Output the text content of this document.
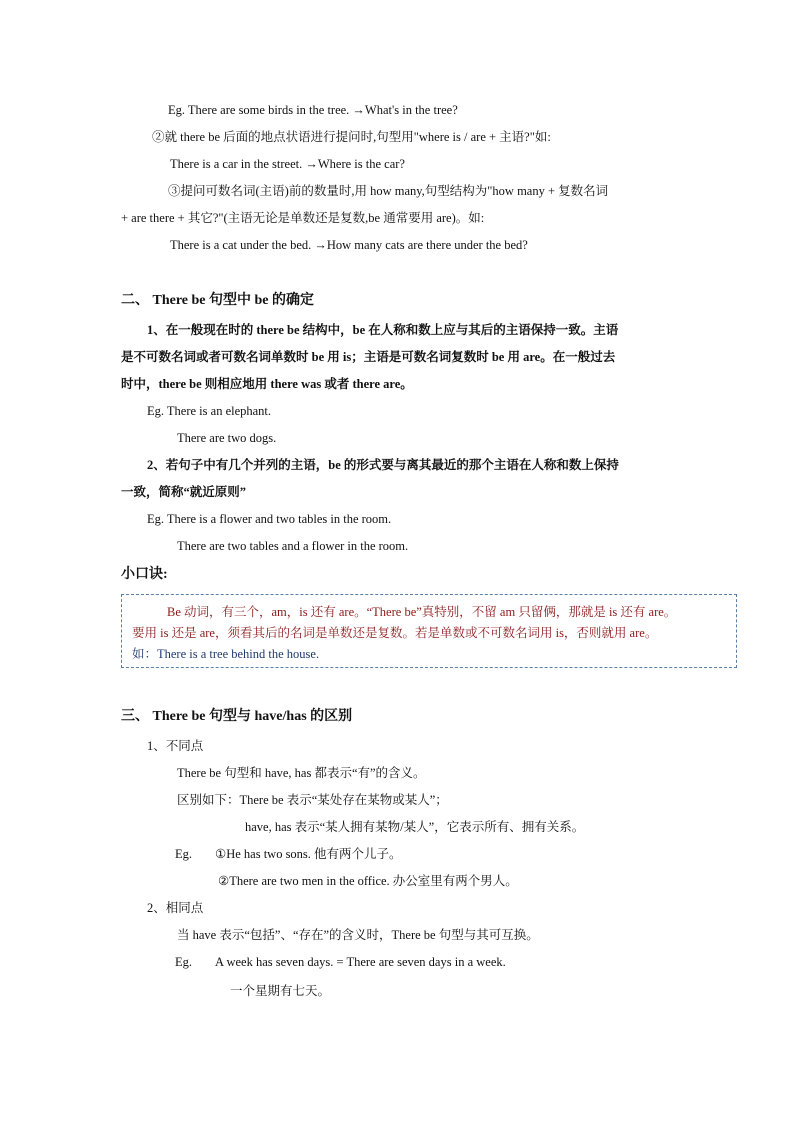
Eg. There are some birds in the tree. →What's in the tree?
②就 there be 后面的地点状语进行提问时,句型用"where is / are + 主语?"如:
There is a car in the street. →Where is the car?
③提问可数名词(主语)前的数量时,用 how many,句型结构为"how many + 复数名词
+ are there + 其它?"(主语无论是单数还是复数,be 通常要用 are)。如:
There is a cat under the bed. →How many cats are there under the bed?
二、 There be 句型中 be 的确定
1、在一般现在时的 there be 结构中，be 在人称和数上应与其后的主语保持一致。主语
是不可数名词或者可数名词单数时 be 用 is；主语是可数名词复数时 be 用 are。在一般过去
时中，there be 则相应地用 there was 或者 there are。
Eg. There is an elephant.
There are two dogs.
2、若句子中有几个并列的主语，be 的形式要与离其最近的那个主语在人称和数上保持
一致，简称“就近原则”
Eg. There is a flower and two tables in the room.
There are two tables and a flower in the room.
小口诀:
Be 动词，有三个，am，is 还有 are。“There be”真特别，不留 am 只留俩，那就是 is 还有 are。
要用 is 还是 are，须看其后的名词是单数还是复数。若是单数或不可数名词用 is，否则就用 are。
如：There is a tree behind the house.
三、 There be 句型与 have/has 的区别
1、不同点
There be 句型和 have, has 都表示“有”的含义。
区别如下：There be 表示“某处存在某物或某人”；
have, has 表示“某人拥有某物/某人”，它表示所有、拥有关系。
Eg. ①He has two sons. 他有两个儿子。
②There are two men in the office. 办公室里有两个男人。
2、相同点
当 have 表示“包括”、“存在”的含义时，There be 句型与其可互换。
Eg. A week has seven days. = There are seven days in a week.
一个星期有七天。
